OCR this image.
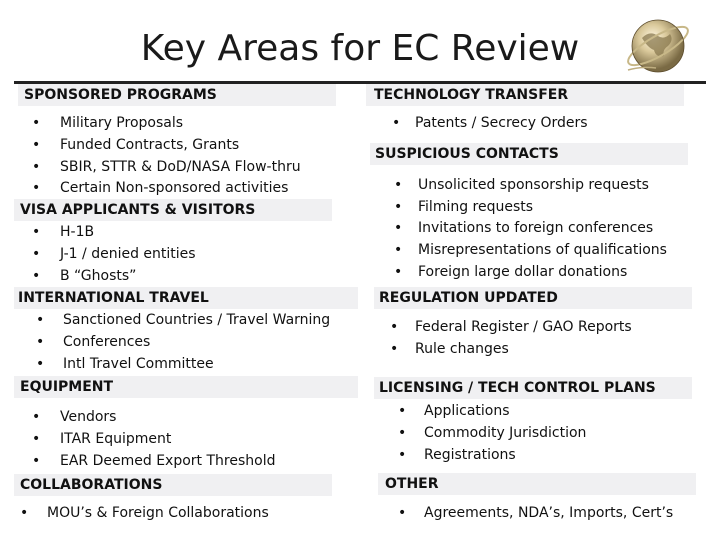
Key Areas for EC Review
SPONSORED PROGRAMS
• Military Proposals
• Funded Contracts, Grants
• SBIR, STTR & DoD/NASA Flow-thru
• Certain Non-sponsored activities
VISA APPLICANTS & VISITORS
• H-1B
• J-1 / denied entities
• B “Ghosts”
INTERNATIONAL TRAVEL
• Sanctioned Countries / Travel Warning
• Conferences
• Intl Travel Committee
EQUIPMENT
• Vendors
• ITAR Equipment
• EAR Deemed Export Threshold
COLLABORATIONS
• MOU’s & Foreign Collaborations
TECHNOLOGY TRANSFER
• Patents / Secrecy Orders
SUSPICIOUS CONTACTS
• Unsolicited sponsorship requests
• Filming requests
• Invitations to foreign conferences
• Misrepresentations of qualifications
• Foreign large dollar donations
REGULATION UPDATED
• Federal Register / GAO Reports
• Rule changes
LICENSING / TECH CONTROL PLANS
• Applications
• Commodity Jurisdiction
• Registrations
OTHER
• Agreements, NDA’s, Imports, Cert’s
